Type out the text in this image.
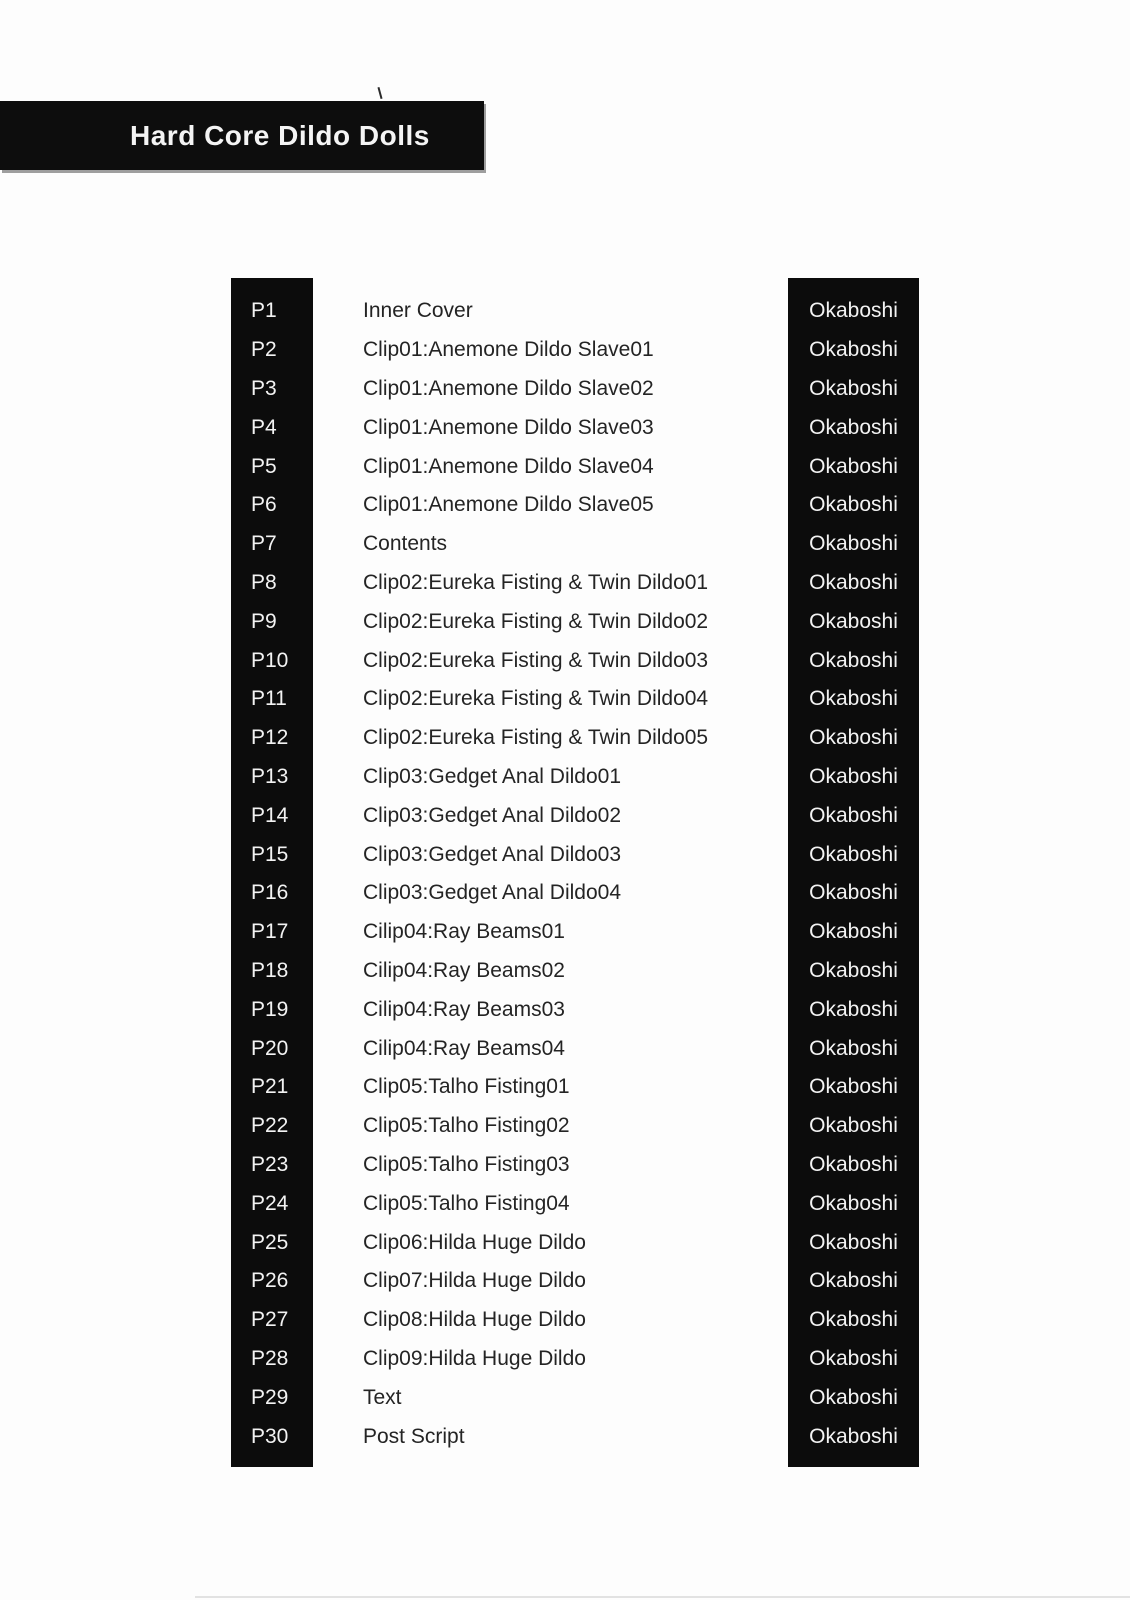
Hard Core Dildo Dolls
P1
P2
P3
P4
P5
P6
P7
P8
P9
P10
P11
P12
P13
P14
P15
P16
P17
P18
P19
P20
P21
P22
P23
P24
P25
P26
P27
P28
P29
P30
Inner Cover
Clip01:Anemone Dildo Slave01
Clip01:Anemone Dildo Slave02
Clip01:Anemone Dildo Slave03
Clip01:Anemone Dildo Slave04
Clip01:Anemone Dildo Slave05
Contents
Clip02:Eureka Fisting & Twin Dildo01
Clip02:Eureka Fisting & Twin Dildo02
Clip02:Eureka Fisting & Twin Dildo03
Clip02:Eureka Fisting & Twin Dildo04
Clip02:Eureka Fisting & Twin Dildo05
Clip03:Gedget Anal Dildo01
Clip03:Gedget Anal Dildo02
Clip03:Gedget Anal Dildo03
Clip03:Gedget Anal Dildo04
Cilip04:Ray Beams01
Cilip04:Ray Beams02
Cilip04:Ray Beams03
Cilip04:Ray Beams04
Clip05:Talho Fisting01
Clip05:Talho Fisting02
Clip05:Talho Fisting03
Clip05:Talho Fisting04
Clip06:Hilda Huge Dildo
Clip07:Hilda Huge Dildo
Clip08:Hilda Huge Dildo
Clip09:Hilda Huge Dildo
Text
Post Script
Okaboshi
Okaboshi
Okaboshi
Okaboshi
Okaboshi
Okaboshi
Okaboshi
Okaboshi
Okaboshi
Okaboshi
Okaboshi
Okaboshi
Okaboshi
Okaboshi
Okaboshi
Okaboshi
Okaboshi
Okaboshi
Okaboshi
Okaboshi
Okaboshi
Okaboshi
Okaboshi
Okaboshi
Okaboshi
Okaboshi
Okaboshi
Okaboshi
Okaboshi
Okaboshi
